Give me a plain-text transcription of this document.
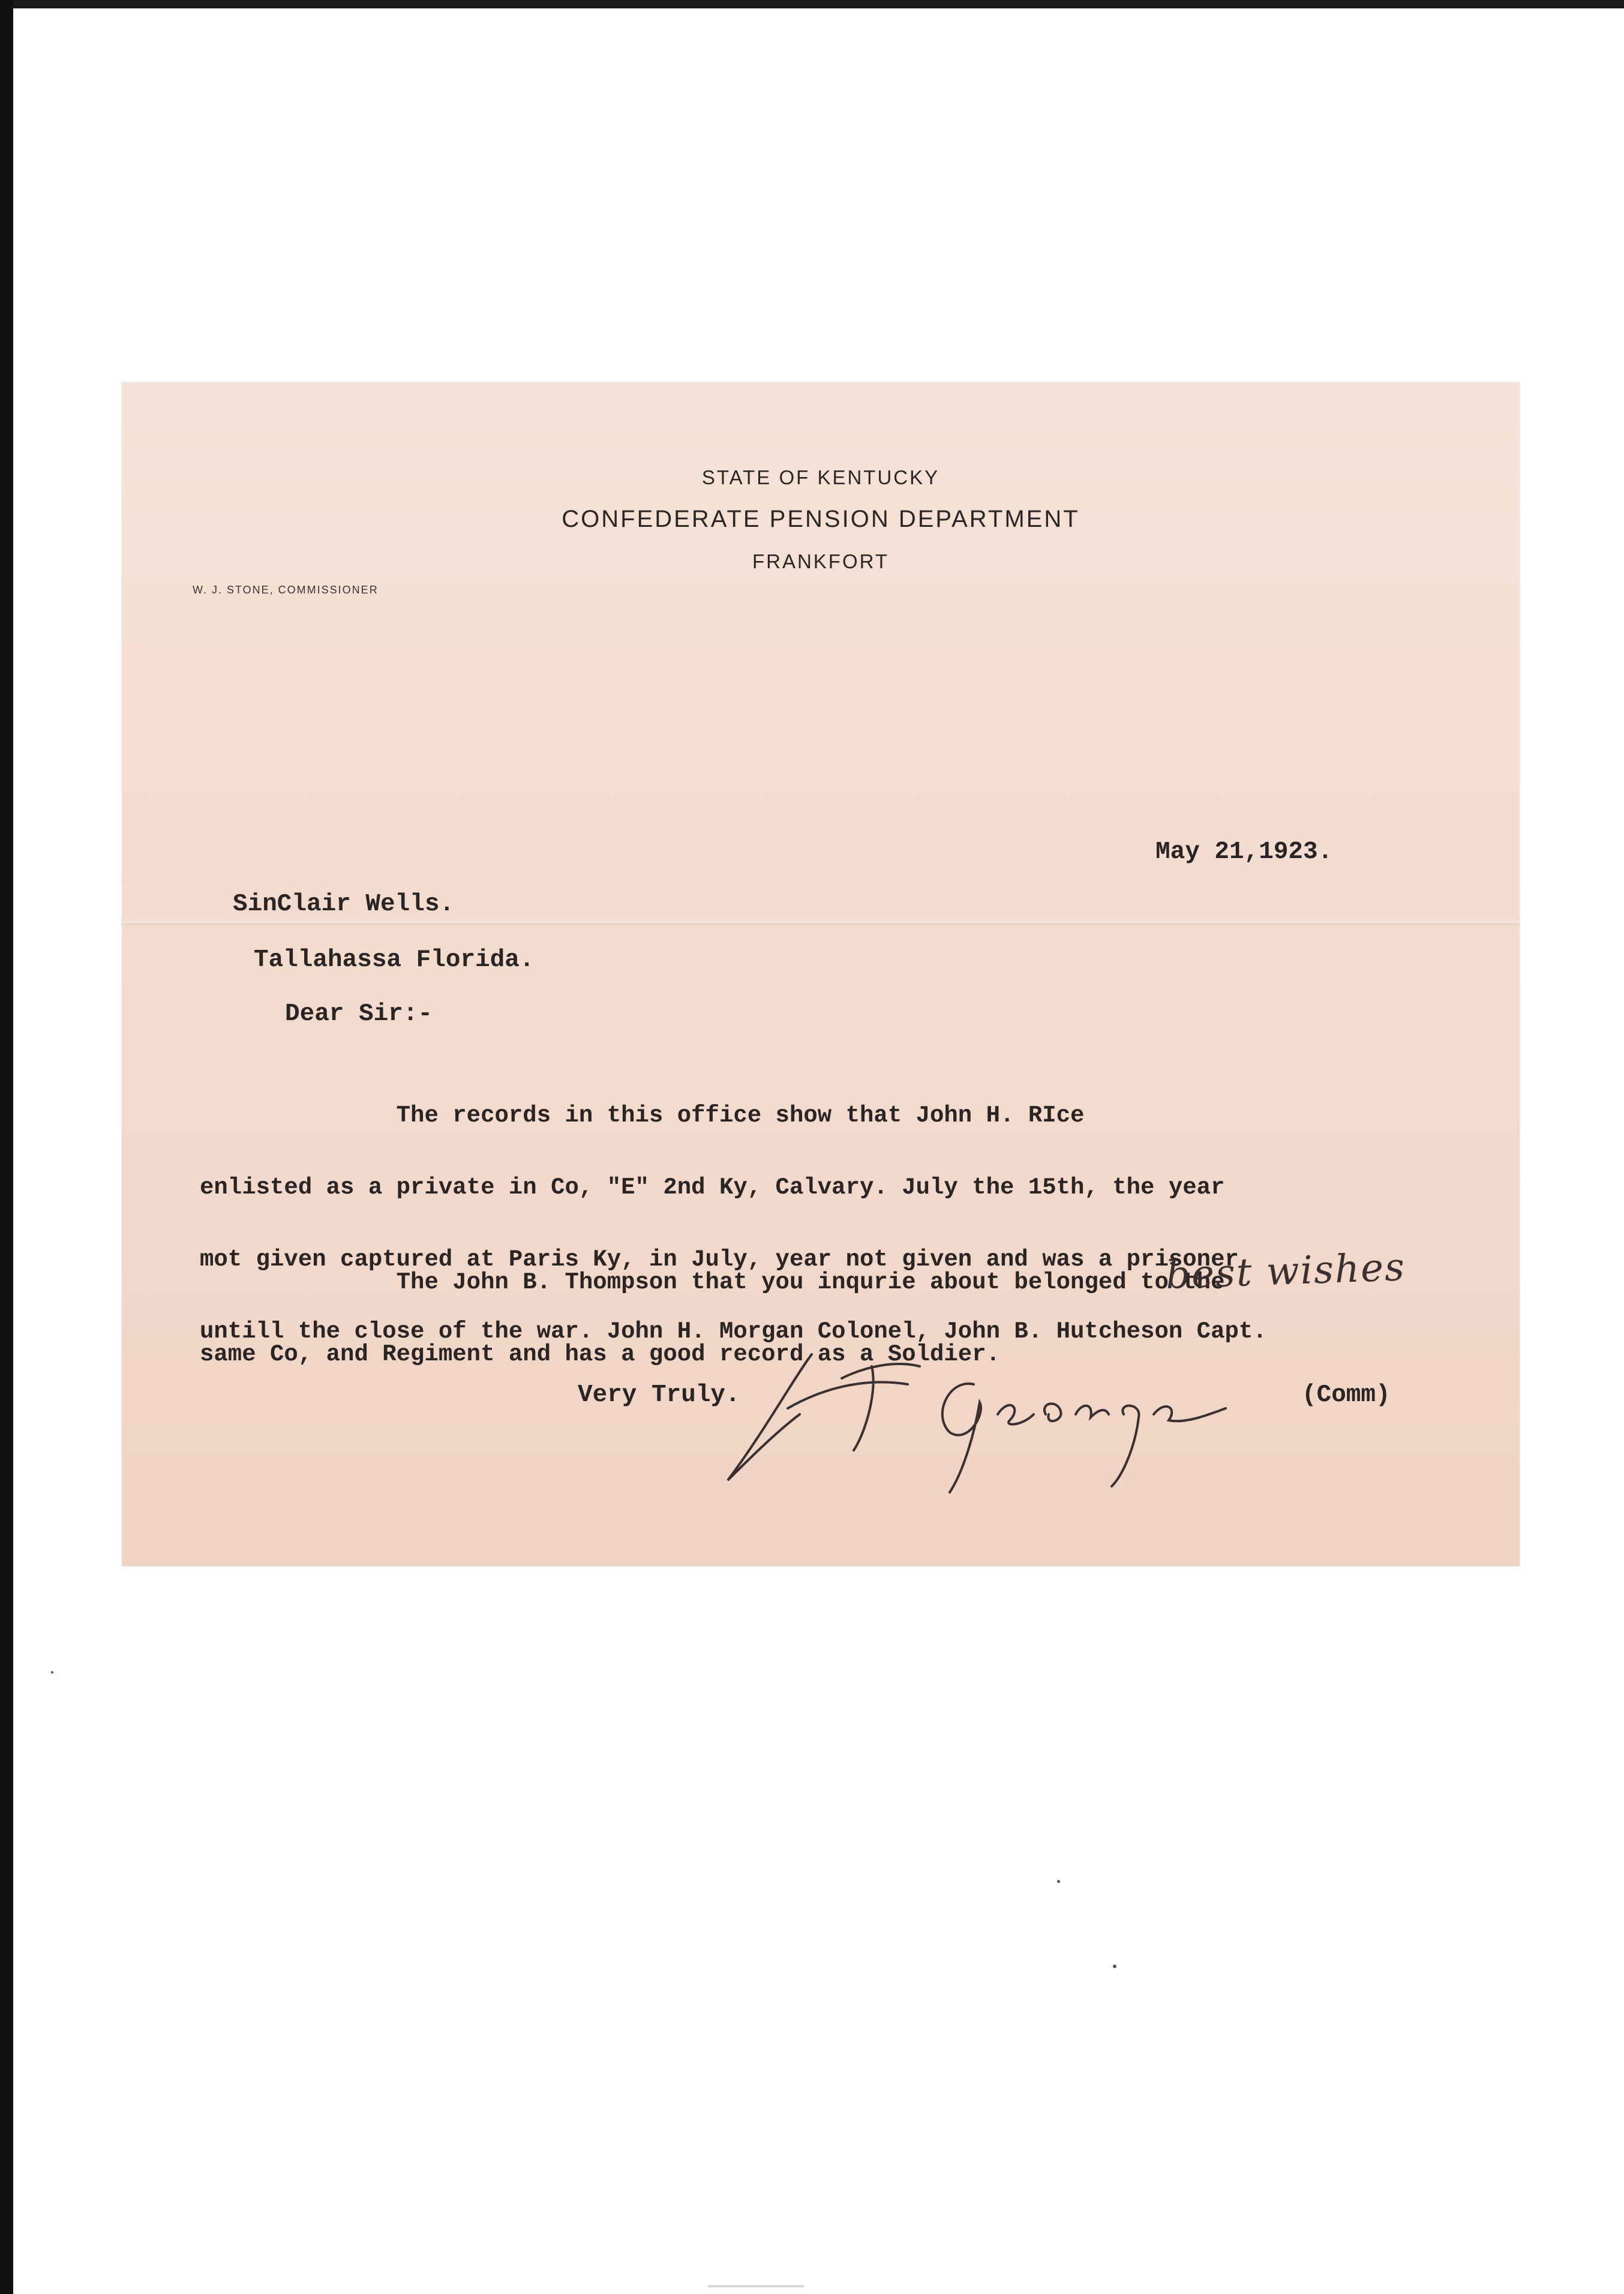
STATE OF KENTUCKY
CONFEDERATE PENSION DEPARTMENT
FRANKFORT
W. J. STONE, COMMISSIONER
May 21,1923.
SinClair Wells.
Tallahassa Florida.
Dear Sir:-

The records in this office show that John H. RIce

enlisted as a private in Co, "E" 2nd Ky, Calvary. July the 15th, the year

mot given captured at Paris Ky, in July, year not given and was a prisoner

untill the close of the war. John H. Morgan Colonel, John B. Hutcheson Capt.

The John B. Thompson that you inqurie about belonged to the

same Co, and Regiment and has a good record as a Soldier.

best wishes
Very Truly.	(Comm)
